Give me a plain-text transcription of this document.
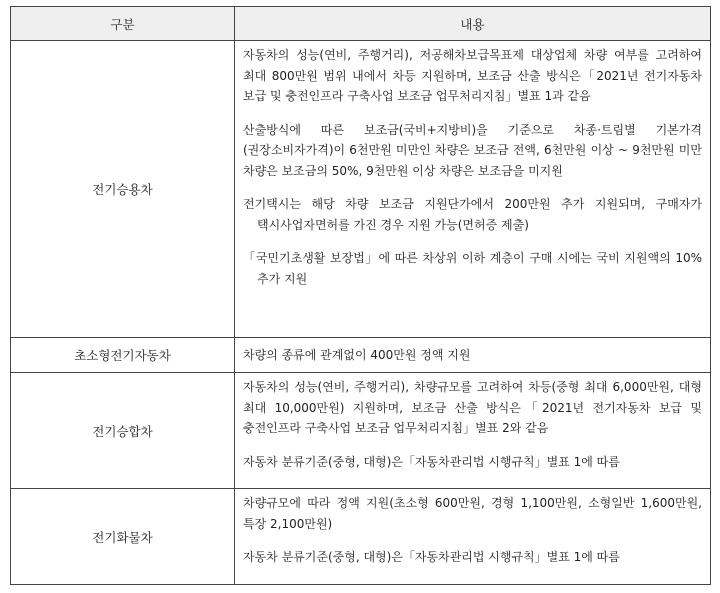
구분	내용
전기승용차	자동차의 성능(연비, 주행거리), 저공해차보급목표제 대상업체 차량 여부를 고려하여 최대 800만원 범위 내에서 차등 지원하며, 보조금 산출 방식은「2021년 전기자동차 보급 및 충전인프라 구축사업 보조금 업무처리지침」별표 1과 같음

산출방식에 따른 보조금(국비+지방비)을 기준으로 차종·트림별 기본가격(권장소비자가격)이 6천만원 미만인 차량은 보조금 전액, 6천만원 이상 ~ 9천만원 미만 차량은 보조금의 50%, 9천만원 이상 차량은 보조금을 미지원

전기택시는 해당 차량 보조금 지원단가에서 200만원 추가 지원되며, 구매자가 택시사업자면허를 가진 경우 지원 가능(면허증 제출)

「국민기초생활 보장법」에 따른 차상위 이하 계층이 구매 시에는 국비 지원액의 10% 추가 지원

초소형전기자동차	차량의 종류에 관계없이 400만원 정액 지원

전기승합차	자동차의 성능(연비, 주행거리), 차량규모를 고려하여 차등(중형 최대 6,000만원, 대형 최대 10,000만원) 지원하며, 보조금 산출 방식은「2021년 전기자동차 보급 및 충전인프라 구축사업 보조금 업무처리지침」별표 2와 같음

자동차 분류기준(중형, 대형)은「자동차관리법 시행규칙」별표 1에 따름

전기화물차	차량규모에 따라 정액 지원(초소형 600만원, 경형 1,100만원, 소형일반 1,600만원, 특장 2,100만원)

자동차 분류기준(중형, 대형)은「자동차관리법 시행규칙」별표 1에 따름
